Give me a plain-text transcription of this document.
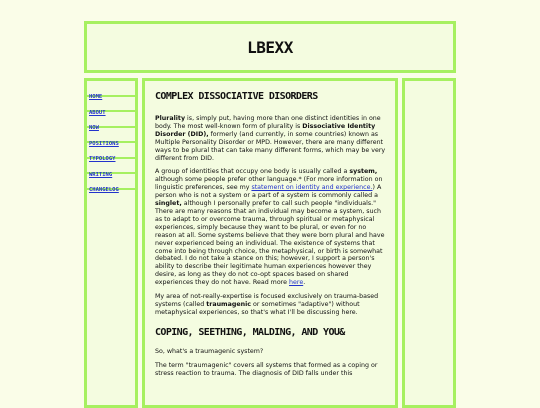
LBEXX
HOME
ABOUT
NOW
POSITIONS
TYPOLOGY
WRITING
CHANGELOG
COMPLEX DISSOCIATIVE DISORDERS

Plurality is, simply put, having more than one distinct identities in one body. The most well-known form of plurality is Dissociative Identity Disorder (DID), formerly (and currently, in some countries) known as Multiple Personality Disorder or MPD. However, there are many different ways to be plural that can take many different forms, which may be very different from DID.

A group of identities that occupy one body is usually called a system, although some people prefer other language.* (For more information on linguistic preferences, see my statement on identity and experience.) A person who is not a system or a part of a system is commonly called a singlet, although I personally prefer to call such people "individuals." There are many reasons that an individual may become a system, such as to adapt to or overcome trauma, through spiritual or metaphysical experiences, simply because they want to be plural, or even for no reason at all. Some systems believe that they were born plural and have never experienced being an individual. The existence of systems that come into being through choice, the metaphysical, or birth is somewhat debated. I do not take a stance on this; however, I support a person's ability to describe their legitimate human experiences however they desire, as long as they do not co-opt spaces based on shared experiences they do not have. Read more here.

My area of not-really-expertise is focused exclusively on trauma-based systems (called traumagenic or sometimes "adaptive") without metaphysical experiences, so that's what I'll be discussing here.

COPING, SEETHING, MALDING, AND YOU&

So, what's a traumagenic system?

The term "traumagenic" covers all systems that formed as a coping or stress reaction to trauma. The diagnosis of DID falls under this
